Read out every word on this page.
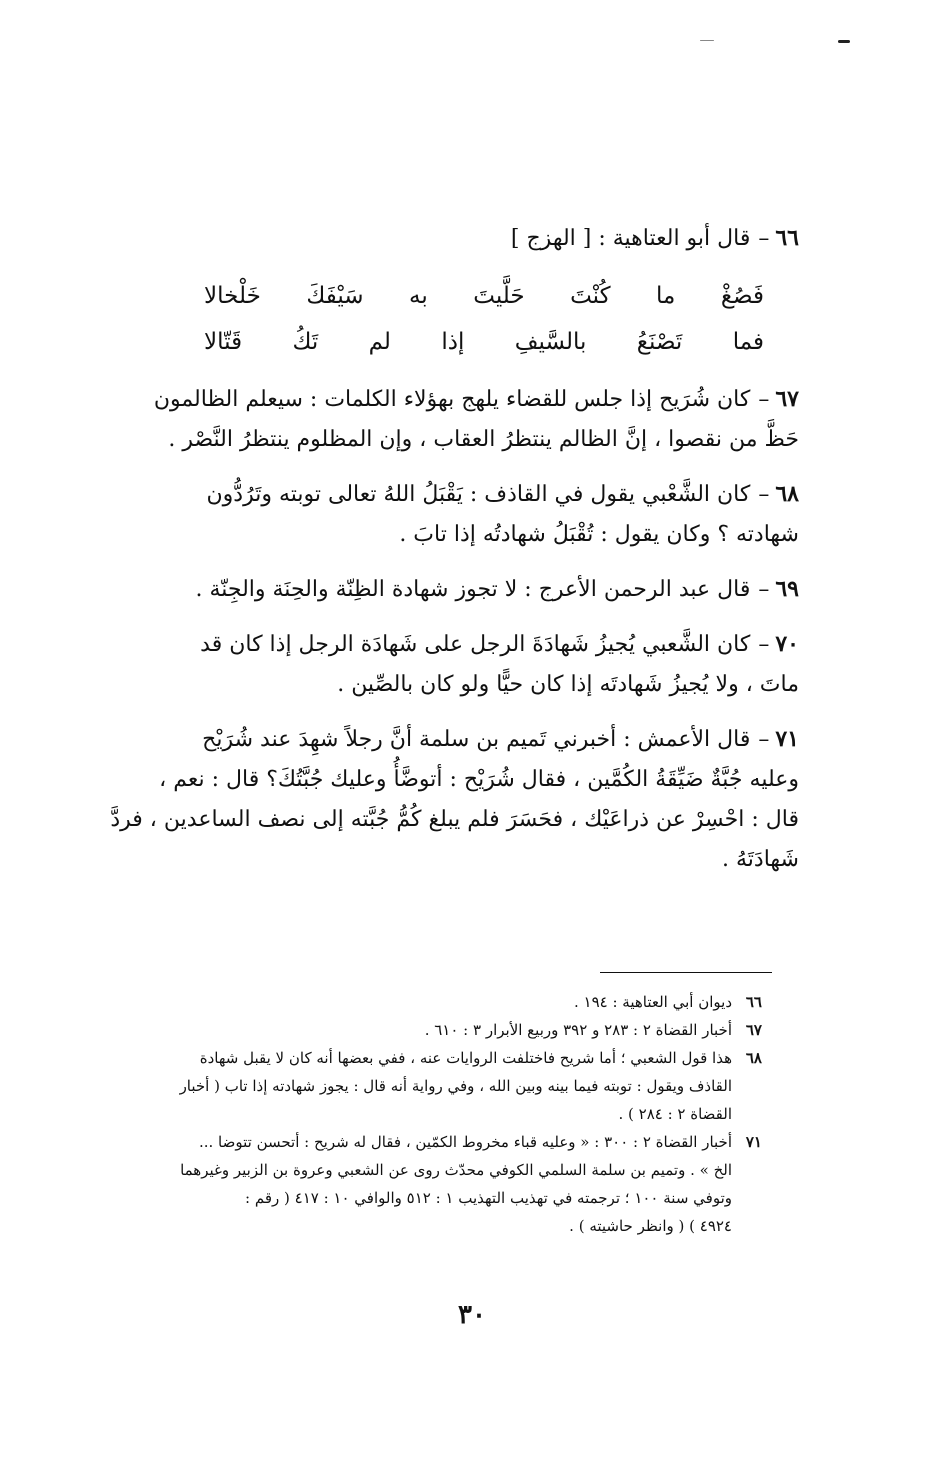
٦٦–قال أبو العتاهية : [ الهزج ]
فَصُغْ
ما
كُنْتَ
حَلَّيتَ
به
سَيْفَكَ
خَلْخالا
فما
تَصْنَعُ
بالسَّيفِ
إذا
لم
تَكُ
قَتّالا
٦٧–كان شُرَيح إذا جلس للقضاء يلهج بهؤلاء الكلمات : سيعلم الظالمون
حَظَّ من نقصوا ، إنَّ الظالم ينتظرُ العقاب ، وإن المظلوم ينتظرُ النَّصْر .
٦٨–كان الشَّعْبي يقول في القاذف : يَقْبَلُ اللهُ تعالى توبته وتَرُدُّون
شهادته ؟ وكان يقول : تُقْبَلُ شهادتُه إذا تابَ .
٦٩–قال عبد الرحمن الأعرج : لا تجوز شهادة الظِنّة والحِنَة والجِنّة .
٧٠–كان الشَّعبي يُجيزُ شَهادَةَ الرجل على شَهادَة الرجل إذا كان قد
ماتَ ، ولا يُجيزُ شَهادتَه إذا كان حيًّا ولو كان بالصِّين .
٧١–قال الأعمش : أخبرني تَميم بن سلمة أنَّ رجلاً شهِدَ عند شُرَيْح
وعليه جُبَّةٌ ضَيِّقَةُ الكُمَّين ، فقال شُرَيْح : أتوضَّأُ وعليك جُبَّتُكَ؟ قال : نعم ،
قال : احْسِرْ عن ذراعَيْك ، فحَسَرَ فلم يبلغ كُمُّ جُبَّته إلى نصف الساعدين ، فردَّ
شَهادَتَهُ .
٦٦
ديوان أبي العتاهية : ١٩٤ .
٦٧
أخبار القضاة ٢ : ٢٨٣ و ٣٩٢ وربيع الأبرار ٣ : ٦١٠ .
٦٨
هذا قول الشعبي ؛ أما شريح فاختلفت الروايات عنه ، ففي بعضها أنه كان لا يقبل شهادة
القاذف ويقول : توبته فيما بينه وبين الله ، وفي رواية أنه قال : يجوز شهادته إذا تاب ( أخبار
القضاة ٢ : ٢٨٤ ) .
٧١
أخبار القضاة ٢ : ٣٠٠ : « وعليه قباء مخروط الكمّين ، فقال له شريح : أتحسن تتوضا ...
الخ » . وتميم بن سلمة السلمي الكوفي محدّث روى عن الشعبي وعروة بن الزبير وغيرهما
وتوفي سنة ١٠٠ ؛ ترجمته في تهذيب التهذيب ١ : ٥١٢ والوافي ١٠ : ٤١٧ ( رقم :
٤٩٢٤ ) ( وانظر حاشيته ) .
٣٠
